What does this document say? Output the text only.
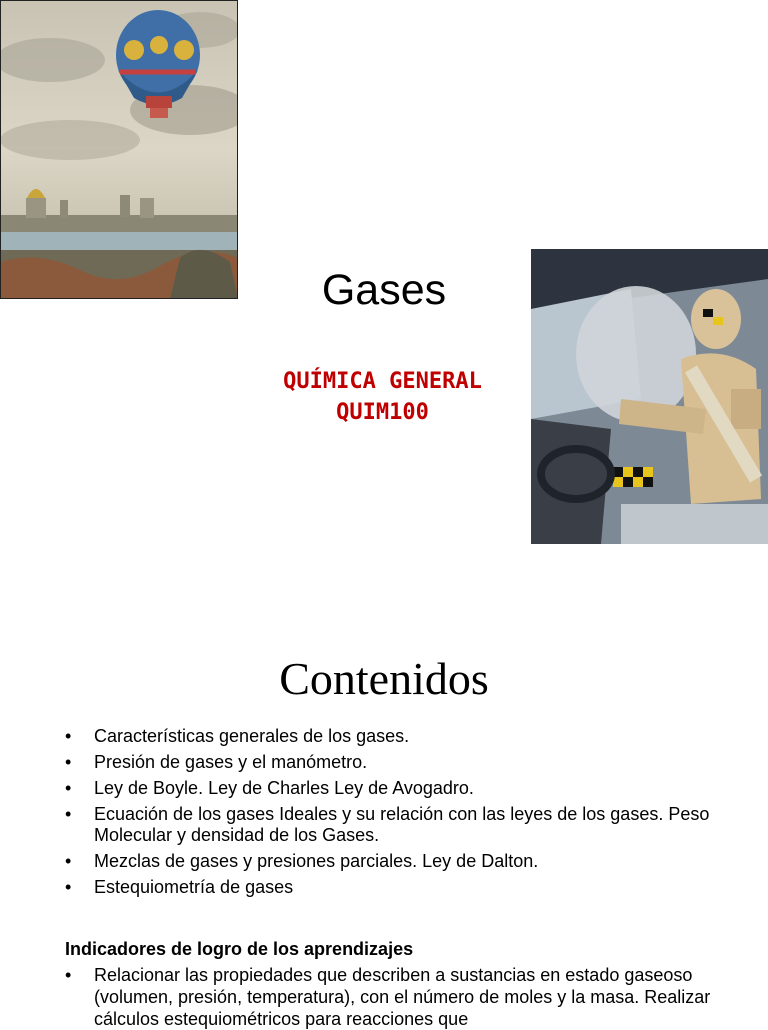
Gases
QUÍMICA GENERAL
QUIM100
Contenidos
• Características generales de los gases.
• Presión de gases y el manómetro.
• Ley de Boyle. Ley de Charles Ley de Avogadro.
• Ecuación de los gases Ideales y su relación con las leyes de los gases. Peso Molecular y densidad de los Gases.
• Mezclas de gases y presiones parciales. Ley de Dalton.
• Estequiometría de gases
Indicadores de logro de los aprendizajes
• Relacionar las propiedades que describen a sustancias en estado gaseoso (volumen, presión, temperatura), con el número de moles y la masa. Realizar cálculos estequiométricos para reacciones que
